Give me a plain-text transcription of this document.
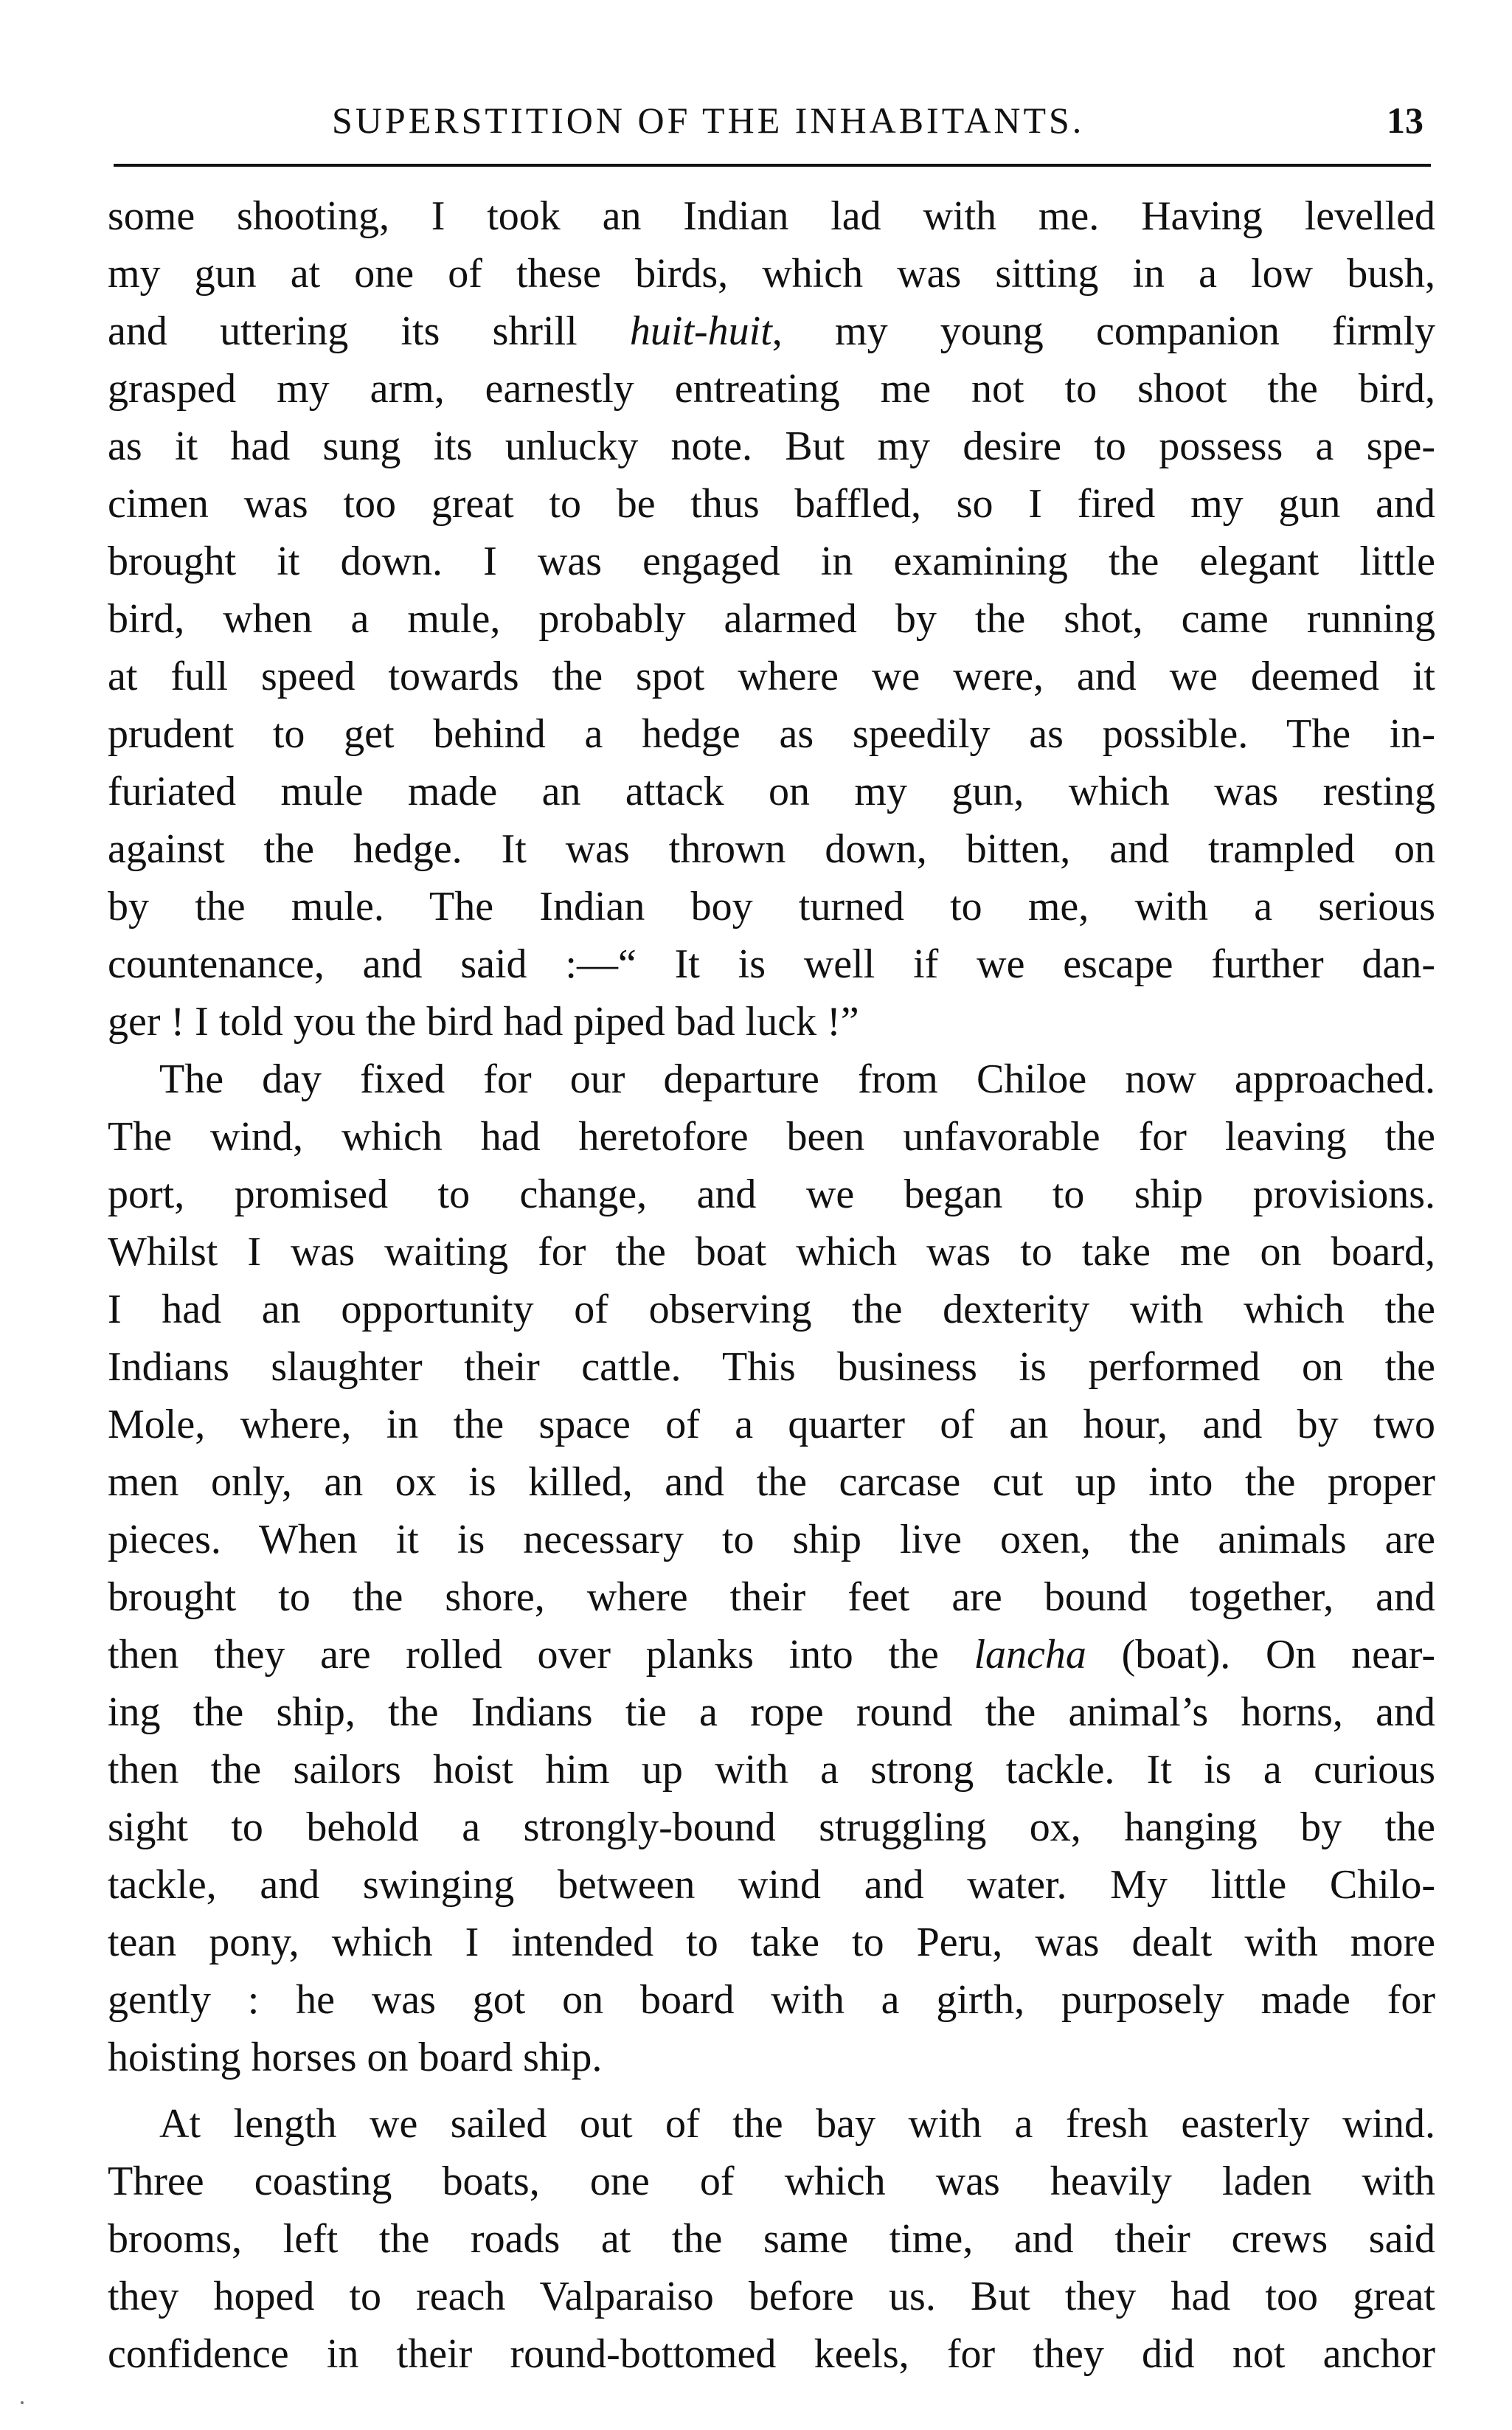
SUPERSTITION OF THE INHABITANTS.	13
some shooting, I took an Indian lad with me. Having levelled
my gun at one of these birds, which was sitting in a low bush,
and uttering its shrill huit-huit, my young companion firmly
grasped my arm, earnestly entreating me not to shoot the bird,
as it had sung its unlucky note. But my desire to possess a spe-
cimen was too great to be thus baffled, so I fired my gun and
brought it down. I was engaged in examining the elegant little
bird, when a mule, probably alarmed by the shot, came running
at full speed towards the spot where we were, and we deemed it
prudent to get behind a hedge as speedily as possible. The in-
furiated mule made an attack on my gun, which was resting
against the hedge. It was thrown down, bitten, and trampled on
by the mule. The Indian boy turned to me, with a serious
countenance, and said :—“ It is well if we escape further dan-
ger ! I told you the bird had piped bad luck !”
The day fixed for our departure from Chiloe now approached.
The wind, which had heretofore been unfavorable for leaving the
port, promised to change, and we began to ship provisions.
Whilst I was waiting for the boat which was to take me on board,
I had an opportunity of observing the dexterity with which the
Indians slaughter their cattle. This business is performed on the
Mole, where, in the space of a quarter of an hour, and by two
men only, an ox is killed, and the carcase cut up into the proper
pieces. When it is necessary to ship live oxen, the animals are
brought to the shore, where their feet are bound together, and
then they are rolled over planks into the lancha (boat). On near-
ing the ship, the Indians tie a rope round the animal’s horns, and
then the sailors hoist him up with a strong tackle. It is a curious
sight to behold a strongly-bound struggling ox, hanging by the
tackle, and swinging between wind and water. My little Chilo-
tean pony, which I intended to take to Peru, was dealt with more
gently : he was got on board with a girth, purposely made for
hoisting horses on board ship.
At length we sailed out of the bay with a fresh easterly wind.
Three coasting boats, one of which was heavily laden with
brooms, left the roads at the same time, and their crews said
they hoped to reach Valparaiso before us. But they had too great
confidence in their round-bottomed keels, for they did not anchor
